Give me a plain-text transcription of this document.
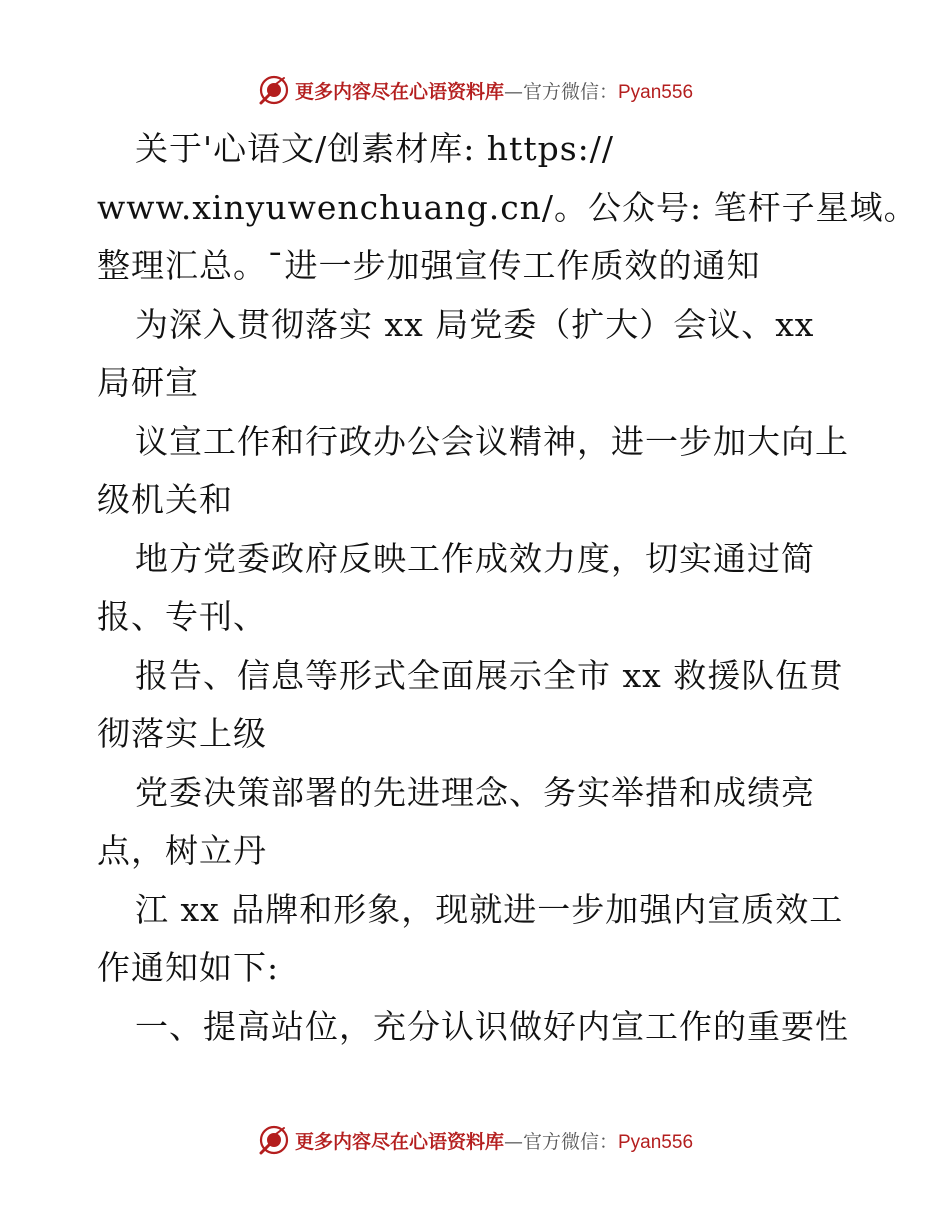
更多内容尽在心语资料库—官方微信：Pyan556
关于'心语文/创素材库: https://
www.xinyuwenchuang.cn/。公众号: 笔杆子星域。
整理汇总。¯进一步加强宣传工作质效的通知
为深入贯彻落实 xx 局党委（扩大）会议、xx
局研宣
议宣工作和行政办公会议精神，进一步加大向上
级机关和
地方党委政府反映工作成效力度，切实通过简
报、专刊、
报告、信息等形式全面展示全市 xx 救援队伍贯
彻落实上级
党委决策部署的先进理念、务实举措和成绩亮
点，树立丹
江 xx 品牌和形象，现就进一步加强内宣质效工
作通知如下:
一、提高站位，充分认识做好内宣工作的重要性
更多内容尽在心语资料库—官方微信：Pyan556
